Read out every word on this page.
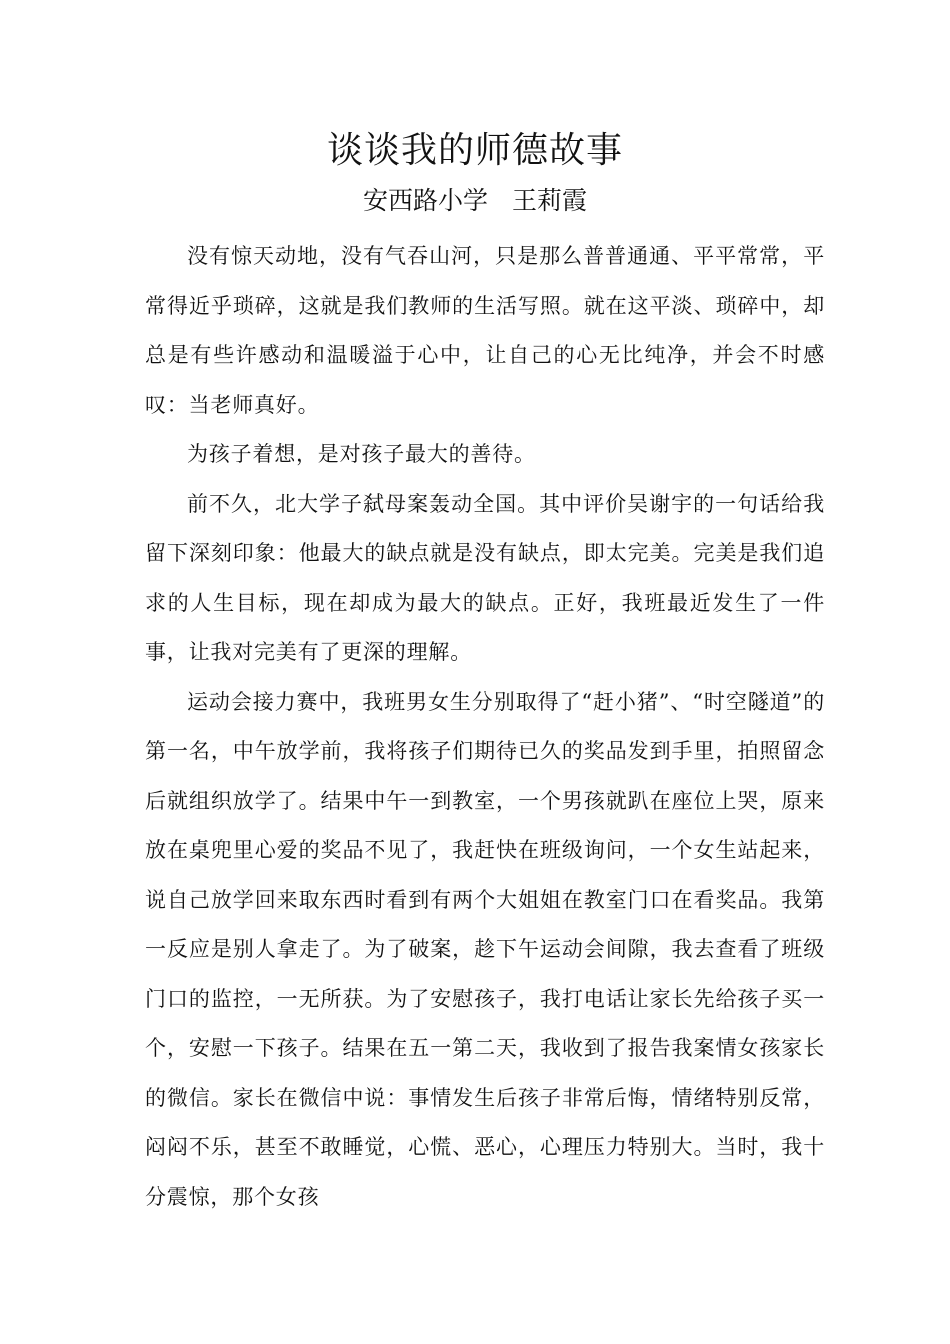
谈谈我的师德故事
安西路小学 王莉霞

没有惊天动地，没有气吞山河，只是那么普普通通、平平常常，平常得近乎琐碎，这就是我们教师的生活写照。就在这平淡、琐碎中，却总是有些许感动和温暖溢于心中，让自己的心无比纯净，并会不时感叹：当老师真好。

为孩子着想，是对孩子最大的善待。

前不久，北大学子弑母案轰动全国。其中评价吴谢宇的一句话给我留下深刻印象：他最大的缺点就是没有缺点，即太完美。完美是我们追求的人生目标，现在却成为最大的缺点。正好，我班最近发生了一件事，让我对完美有了更深的理解。

运动会接力赛中，我班男女生分别取得了“赶小猪”、“时空隧道”的第一名，中午放学前，我将孩子们期待已久的奖品发到手里，拍照留念后就组织放学了。结果中午一到教室，一个男孩就趴在座位上哭，原来放在桌兜里心爱的奖品不见了，我赶快在班级询问，一个女生站起来，说自己放学回来取东西时看到有两个大姐姐在教室门口在看奖品。我第一反应是别人拿走了。为了破案，趁下午运动会间隙，我去查看了班级门口的监控，一无所获。为了安慰孩子，我打电话让家长先给孩子买一个，安慰一下孩子。结果在五一第二天，我收到了报告我案情女孩家长的微信。家长在微信中说：事情发生后孩子非常后悔，情绪特别反常，闷闷不乐，甚至不敢睡觉，心慌、恶心，心理压力特别大。当时，我十分震惊，那个女孩
